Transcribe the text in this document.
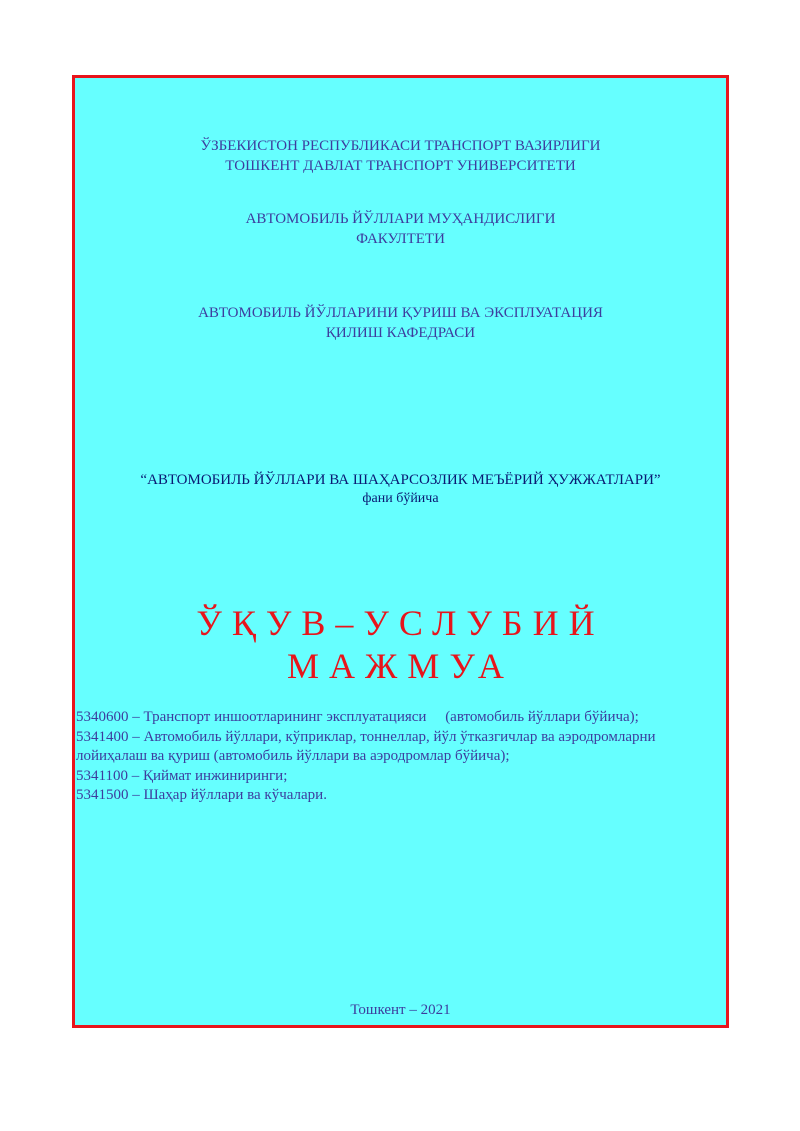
ЎЗБЕКИСТОН РЕСПУБЛИКАСИ ТРАНСПОРТ ВАЗИРЛИГИ
ТОШКЕНТ ДАВЛАТ ТРАНСПОРТ УНИВЕРСИТЕТИ
АВТОМОБИЛЬ ЙЎЛЛАРИ МУҲАНДИСЛИГИ
ФАКУЛТЕТИ
АВТОМОБИЛЬ ЙЎЛЛАРИНИ ҚУРИШ ВА ЭКСПЛУАТАЦИЯ
ҚИЛИШ КАФЕДРАСИ
“АВТОМОБИЛЬ ЙЎЛЛАРИ ВА ШАҲАРСОЗЛИК МЕЪЁРИЙ ҲУЖЖАТЛАРИ”
фани бўйича
ЎҚУВ–УСЛУБИЙ
МАЖМУА
5340600 – Транспорт иншоотларининг эксплуатацияси     (автомобиль йўллари бўйича);
5341400 – Автомобиль йўллари, кўприклар, тоннеллар, йўл ўтказгичлар ва аэродромларни
лойиҳалаш ва қуриш (автомобиль йўллари ва аэродромлар бўйича);
5341100 – Қиймат инжиниринги;
5341500 – Шаҳар йўллари ва кўчалари.
Тошкент – 2021
